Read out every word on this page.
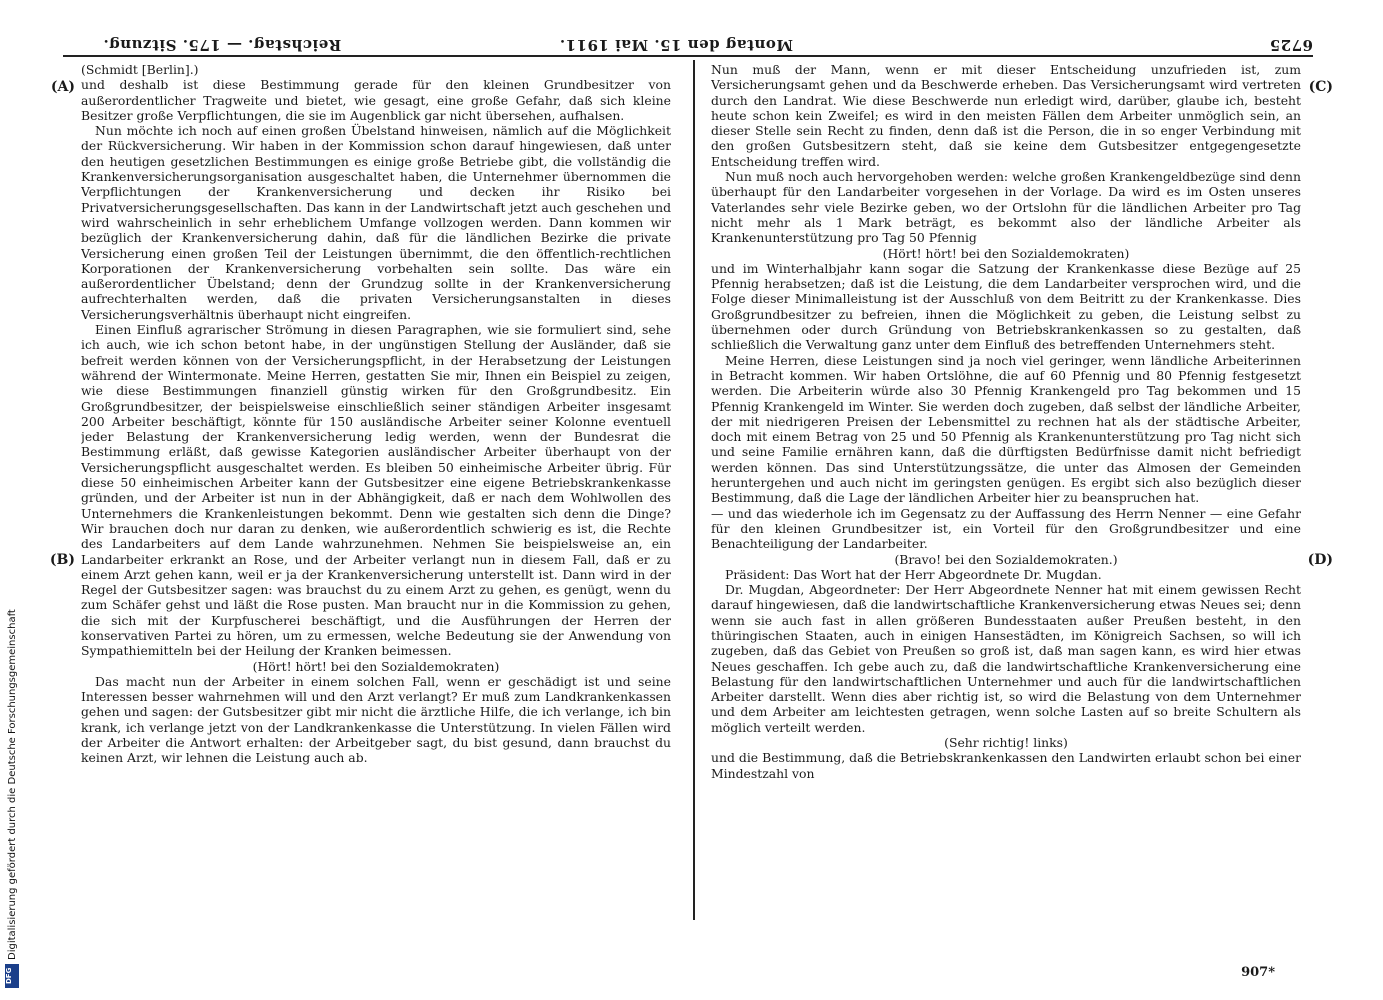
6725
Montag den 15. Mai 1911.
Reichstag. — 175. Sitzung.
(C)
(D)
(A)
(B)

Nun muß der Mann, wenn er mit dieser Entscheidung unzufrieden ist, zum Versicherungsamt gehen und da Beschwerde erheben. Das Versicherungsamt wird vertreten durch den Landrat. Wie diese Beschwerde nun erledigt wird, darüber, glaube ich, besteht heute schon kein Zweifel; es wird in den meisten Fällen dem Arbeiter unmöglich sein, an dieser Stelle sein Recht zu finden, denn daß ist die Person, die in so enger Verbindung mit den großen Gutsbesitzern steht, daß sie keine dem Gutsbesitzer entgegengesetzte Entscheidung treffen wird.

Nun muß noch auch hervorgehoben werden: welche großen Krankengeldbezüge sind denn überhaupt für den Landarbeiter vorgesehen in der Vorlage. Da wird es im Osten unseres Vaterlandes sehr viele Bezirke geben, wo der Ortslohn für die ländlichen Arbeiter pro Tag nicht mehr als 1 Mark beträgt, es bekommt also der ländliche Arbeiter als Krankenunterstützung pro Tag 50 Pfennig

(Hört! hört! bei den Sozialdemokraten)

und im Winterhalbjahr kann sogar die Satzung der Krankenkasse diese Bezüge auf 25 Pfennig herabsetzen; daß ist die Leistung, die dem Landarbeiter versprochen wird, und die Folge dieser Minimalleistung ist der Ausschluß von dem Beitritt zu der Krankenkasse. Dies Großgrundbesitzer zu befreien, ihnen die Möglichkeit zu geben, die Leistung selbst zu übernehmen oder durch Gründung von Betriebskrankenkassen so zu gestalten, daß schließlich die Verwaltung ganz unter dem Einfluß des betreffenden Unternehmers steht.

Meine Herren, diese Leistungen sind ja noch viel geringer, wenn ländliche Arbeiterinnen in Betracht kommen. Wir haben Ortslöhne, die auf 60 Pfennig und 80 Pfennig festgesetzt werden. Die Arbeiterin würde also 30 Pfennig Krankengeld pro Tag bekommen und 15 Pfennig Krankengeld im Winter. Sie werden doch zugeben, daß selbst der ländliche Arbeiter, der mit niedrigeren Preisen der Lebensmittel zu rechnen hat als der städtische Arbeiter, doch mit einem Betrag von 25 und 50 Pfennig als Krankenunterstützung pro Tag nicht sich und seine Familie ernähren kann, daß die dürftigsten Bedürfnisse damit nicht befriedigt werden können. Das sind Unterstützungssätze, die unter das Almosen der Gemeinden heruntergehen und auch nicht im geringsten genügen. Es ergibt sich also bezüglich dieser Bestimmung, daß die Lage der ländlichen Arbeiter hier zu beanspruchen hat.

— und das wiederhole ich im Gegensatz zu der Auffassung des Herrn Nenner — eine Gefahr für den kleinen Grundbesitzer ist, ein Vorteil für den Großgrundbesitzer und eine Benachteiligung der Landarbeiter.

(Bravo! bei den Sozialdemokraten.)

Präsident: Das Wort hat der Herr Abgeordnete Dr. Mugdan.

Dr. Mugdan, Abgeordneter: Der Herr Abgeordnete Nenner hat mit einem gewissen Recht darauf hingewiesen, daß die landwirtschaftliche Krankenversicherung etwas Neues sei; denn wenn sie auch fast in allen größeren Bundesstaaten außer Preußen besteht, in den thüringischen Staaten, auch in einigen Hansestädten, im Königreich Sachsen, so will ich zugeben, daß das Gebiet von Preußen so groß ist, daß man sagen kann, es wird hier etwas Neues geschaffen. Ich gebe auch zu, daß die landwirtschaftliche Krankenversicherung eine Belastung für den landwirtschaftlichen Unternehmer und auch für die landwirtschaftlichen Arbeiter darstellt. Wenn dies aber richtig ist, so wird die Belastung von dem Unternehmer und dem Arbeiter am leichtesten getragen, wenn solche Lasten auf so breite Schultern als möglich verteilt werden.

(Sehr richtig! links)

und die Bestimmung, daß die Betriebskrankenkassen den Landwirten erlaubt schon bei einer Mindestzahl von

(Schmidt [Berlin].)

und deshalb ist diese Bestimmung gerade für den kleinen Grundbesitzer von außerordentlicher Tragweite und bietet, wie gesagt, eine große Gefahr, daß sich kleine Besitzer große Verpflichtungen, die sie im Augenblick gar nicht übersehen, aufhalsen.

Nun möchte ich noch auf einen großen Übelstand hinweisen, nämlich auf die Möglichkeit der Rückversicherung. Wir haben in der Kommission schon darauf hingewiesen, daß unter den heutigen gesetzlichen Bestimmungen es einige große Betriebe gibt, die vollständig die Krankenversicherungsorganisation ausgeschaltet haben, die Unternehmer übernommen die Verpflichtungen der Krankenversicherung und decken ihr Risiko bei Privatversicherungsgesellschaften. Das kann in der Landwirtschaft jetzt auch geschehen und wird wahrscheinlich in sehr erheblichem Umfange vollzogen werden. Dann kommen wir bezüglich der Krankenversicherung dahin, daß für die ländlichen Bezirke die private Versicherung einen großen Teil der Leistungen übernimmt, die den öffentlich-rechtlichen Korporationen der Krankenversicherung vorbehalten sein sollte. Das wäre ein außerordentlicher Übelstand; denn der Grundzug sollte in der Krankenversicherung aufrechterhalten werden, daß die privaten Versicherungsanstalten in dieses Versicherungsverhältnis überhaupt nicht eingreifen.

Einen Einfluß agrarischer Strömung in diesen Paragraphen, wie sie formuliert sind, sehe ich auch, wie ich schon betont habe, in der ungünstigen Stellung der Ausländer, daß sie befreit werden können von der Versicherungspflicht, in der Herabsetzung der Leistungen während der Wintermonate. Meine Herren, gestatten Sie mir, Ihnen ein Beispiel zu zeigen, wie diese Bestimmungen finanziell günstig wirken für den Großgrundbesitz. Ein Großgrundbesitzer, der beispielsweise einschließlich seiner ständigen Arbeiter insgesamt 200 Arbeiter beschäftigt, könnte für 150 ausländische Arbeiter seiner Kolonne eventuell jeder Belastung der Krankenversicherung ledig werden, wenn der Bundesrat die Bestimmung erläßt, daß gewisse Kategorien ausländischer Arbeiter überhaupt von der Versicherungspflicht ausgeschaltet werden. Es bleiben 50 einheimische Arbeiter übrig. Für diese 50 einheimischen Arbeiter kann der Gutsbesitzer eine eigene Betriebskrankenkasse gründen, und der Arbeiter ist nun in der Abhängigkeit, daß er nach dem Wohlwollen des Unternehmers die Krankenleistungen bekommt. Denn wie gestalten sich denn die Dinge? Wir brauchen doch nur daran zu denken, wie außerordentlich schwierig es ist, die Rechte des Landarbeiters auf dem Lande wahrzunehmen. Nehmen Sie beispielsweise an, ein Landarbeiter erkrankt an Rose, und der Arbeiter verlangt nun in diesem Fall, daß er zu einem Arzt gehen kann, weil er ja der Krankenversicherung unterstellt ist. Dann wird in der Regel der Gutsbesitzer sagen: was brauchst du zu einem Arzt zu gehen, es genügt, wenn du zum Schäfer gehst und läßt die Rose pusten. Man braucht nur in die Kommission zu gehen, die sich mit der Kurpfuscherei beschäftigt, und die Ausführungen der Herren der konservativen Partei zu hören, um zu ermessen, welche Bedeutung sie der Anwendung von Sympathiemitteln bei der Heilung der Kranken beimessen.

(Hört! hört! bei den Sozialdemokraten)

Das macht nun der Arbeiter in einem solchen Fall, wenn er geschädigt ist und seine Interessen besser wahrnehmen will und den Arzt verlangt? Er muß zum Landkrankenkassen gehen und sagen: der Gutsbesitzer gibt mir nicht die ärztliche Hilfe, die ich verlange, ich bin krank, ich verlange jetzt von der Landkrankenkasse die Unterstützung. In vielen Fällen wird der Arbeiter die Antwort erhalten: der Arbeitgeber sagt, du bist gesund, dann brauchst du keinen Arzt, wir lehnen die Leistung auch ab.

907*
Digitalisierung gefördert durch die Deutsche Forschungsgemeinschaft
DFG
